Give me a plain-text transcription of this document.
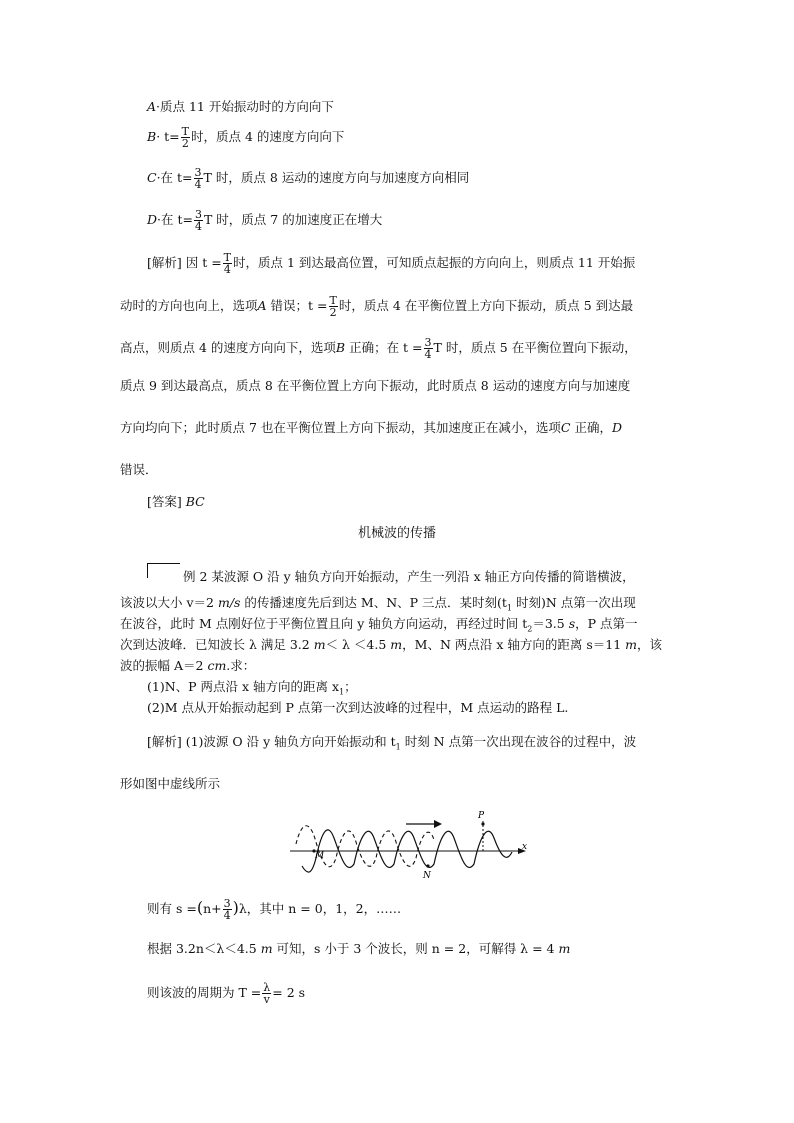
A·质点 11 开始振动时的方向向下
$B\cdot t= \frac{T}{2}$ 时，质点 4 的速度方向向下
C·在 $t= \frac{3}{4}$ T 时，质点 8 运动的速度方向与加速度方向相同
D·在 $t= \frac{3}{4}$ T 时，质点 7 的加速度正在增大
[解析] 因 $t = \frac{T}{4}$ 时，质点 1 到达最高位置，可知质点起振的方向向上，则质点 11 开始振
动时的方向也向上，选项A 错误；$t = \frac{T}{2}$ 时，质点 4 在平衡位置上方向下振动，质点 5 到达最
高点，则质点 4 的速度方向向下，选项B 正确；在 $t = \frac{3}{4}$ T 时，质点 5 在平衡位置向下振动，
质点 9 到达最高点，质点 8 在平衡位置上方向下振动，此时质点 8 运动的速度方向与加速度
方向均向下；此时质点 7 也在平衡位置上方向下振动，其加速度正在减小，选项C 正确，D
错误．
[答案] BC
机械波的传播
例 2 某波源 O 沿 y 轴负方向开始振动，产生一列沿 x 轴正方向传播的简谐横波，
该波以大小 v＝2 m/s 的传播速度先后到达 M、N、P 三点．某时刻($t_1$ 时刻)N 点第一次出现
在波谷，此时 M 点刚好位于平衡位置且向 y 轴负方向运动，再经过时间 $t_2=3.5$ s，P 点第一
次到达波峰．已知波长 λ 满足 3.2 m＜ λ ＜4.5 m，M、N 两点沿 x 轴方向的距离 s＝11 m，该
波的振幅 A＝2 cm.求：
(1)N、P 两点沿 x 轴方向的距离 $x_1$；
(2)M 点从开始振动起到 P 点第一次到达波峰的过程中，M 点运动的路程 L.
[解析] (1)波源 O 沿 y 轴负方向开始振动和 $t_1$ 时刻 N 点第一次出现在波谷的过程中，波
形如图中虚线所示
P
M
N
x
则有 $s =(n+ \frac{3}{4} )\lambda$，其中 n = 0，1，2，……
根据 3.2n＜λ＜4.5 m 可知，s 小于 3 个波长，则 n = 2，可解得 λ = 4 m
则该波的周期为 $T = \frac{\lambda}{v} = 2$ s
